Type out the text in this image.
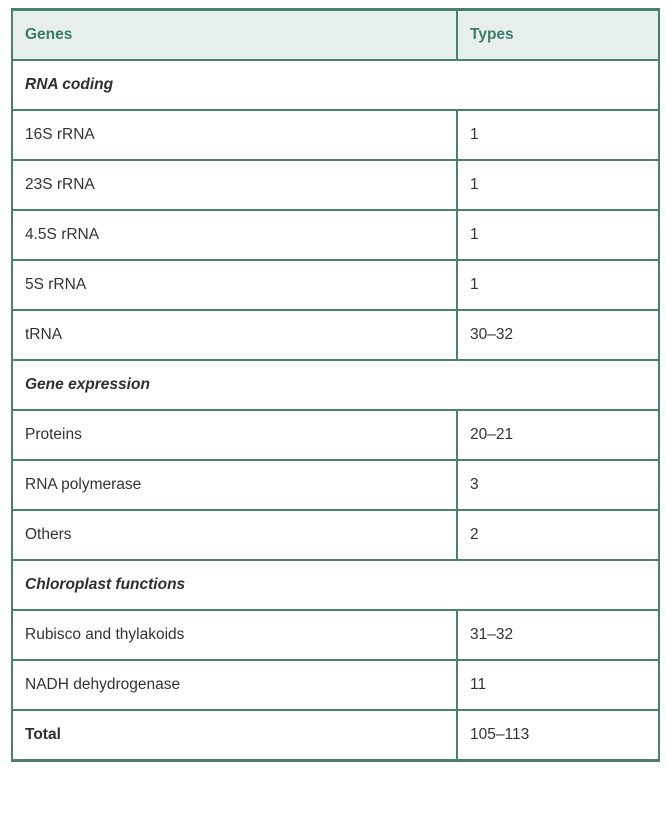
Genes	Types
RNA coding	
16S rRNA	1
23S rRNA	1
4.5S rRNA	1
5S rRNA	1
tRNA	30–32
Gene expression	
Proteins	20–21
RNA polymerase	3
Others	2
Chloroplast functions	
Rubisco and thylakoids	31–32
NADH dehydrogenase	11
Total	105–113
